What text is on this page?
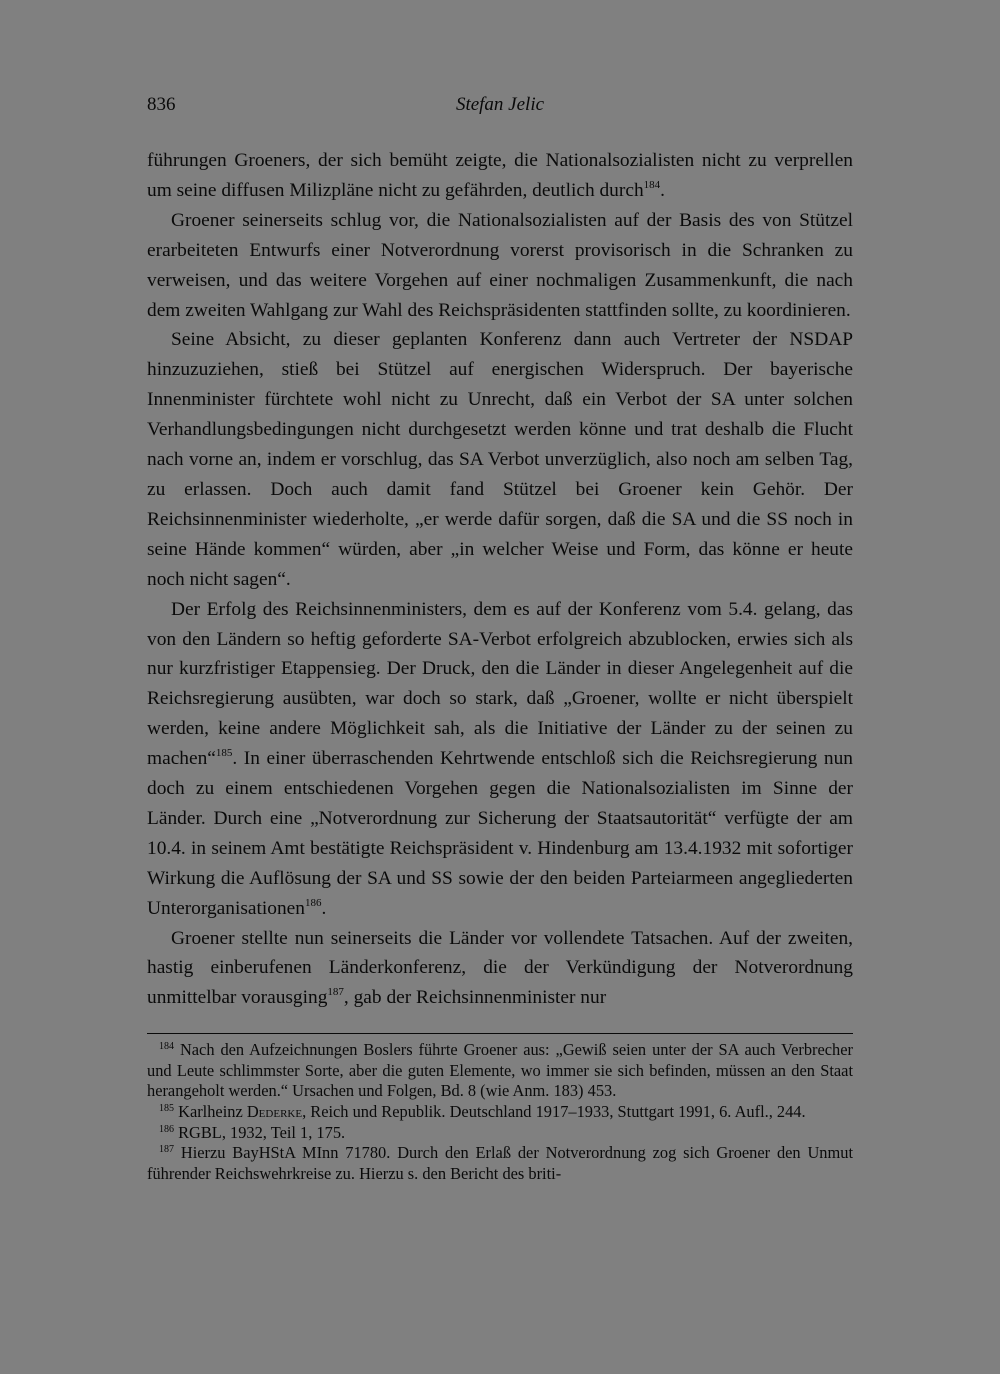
836	Stefan Jelic

führungen Groeners, der sich bemüht zeigte, die Nationalsozialisten nicht zu verprellen um seine diffusen Milizpläne nicht zu gefährden, deutlich durch$^{184}$.

Groener seinerseits schlug vor, die Nationalsozialisten auf der Basis des von Stützel erarbeiteten Entwurfs einer Notverordnung vorerst provisorisch in die Schranken zu verweisen, und das weitere Vorgehen auf einer nochmaligen Zusammenkunft, die nach dem zweiten Wahlgang zur Wahl des Reichspräsidenten stattfinden sollte, zu koordinieren.

Seine Absicht, zu dieser geplanten Konferenz dann auch Vertreter der NSDAP hinzuzuziehen, stieß bei Stützel auf energischen Widerspruch. Der bayerische Innenminister fürchtete wohl nicht zu Unrecht, daß ein Verbot der SA unter solchen Verhandlungsbedingungen nicht durchgesetzt werden könne und trat deshalb die Flucht nach vorne an, indem er vorschlug, das SA Verbot unverzüglich, also noch am selben Tag, zu erlassen. Doch auch damit fand Stützel bei Groener kein Gehör. Der Reichsinnenminister wiederholte, „er werde dafür sorgen, daß die SA und die SS noch in seine Hände kommen“ würden, aber „in welcher Weise und Form, das könne er heute noch nicht sagen“.

Der Erfolg des Reichsinnenministers, dem es auf der Konferenz vom 5.4. gelang, das von den Ländern so heftig geforderte SA-Verbot erfolgreich abzublocken, erwies sich als nur kurzfristiger Etappensieg. Der Druck, den die Länder in dieser Angelegenheit auf die Reichsregierung ausübten, war doch so stark, daß „Groener, wollte er nicht überspielt werden, keine andere Möglichkeit sah, als die Initiative der Länder zu der seinen zu machen“$^{185}$. In einer überraschenden Kehrtwende entschloß sich die Reichsregierung nun doch zu einem entschiedenen Vorgehen gegen die Nationalsozialisten im Sinne der Länder. Durch eine „Notverordnung zur Sicherung der Staatsautorität“ verfügte der am 10.4. in seinem Amt bestätigte Reichspräsident v. Hindenburg am 13.4.1932 mit sofortiger Wirkung die Auflösung der SA und SS sowie der den beiden Parteiarmeen angegliederten Unterorganisationen$^{186}$.

Groener stellte nun seinerseits die Länder vor vollendete Tatsachen. Auf der zweiten, hastig einberufenen Länderkonferenz, die der Verkündigung der Notverordnung unmittelbar vorausging$^{187}$, gab der Reichsinnenminister nur

$^{184}$ Nach den Aufzeichnungen Boslers führte Groener aus: „Gewiß seien unter der SA auch Verbrecher und Leute schlimmster Sorte, aber die guten Elemente, wo immer sie sich befinden, müssen an den Staat herangeholt werden.“ Ursachen und Folgen, Bd. 8 (wie Anm. 183) 453.

$^{185}$ Karlheinz Dederke, Reich und Republik. Deutschland 1917–1933, Stuttgart 1991, 6. Aufl., 244.

$^{186}$ RGBL, 1932, Teil 1, 175.

$^{187}$ Hierzu BayHStA MInn 71780. Durch den Erlaß der Notverordnung zog sich Groener den Unmut führender Reichswehrkreise zu. Hierzu s. den Bericht des briti-
